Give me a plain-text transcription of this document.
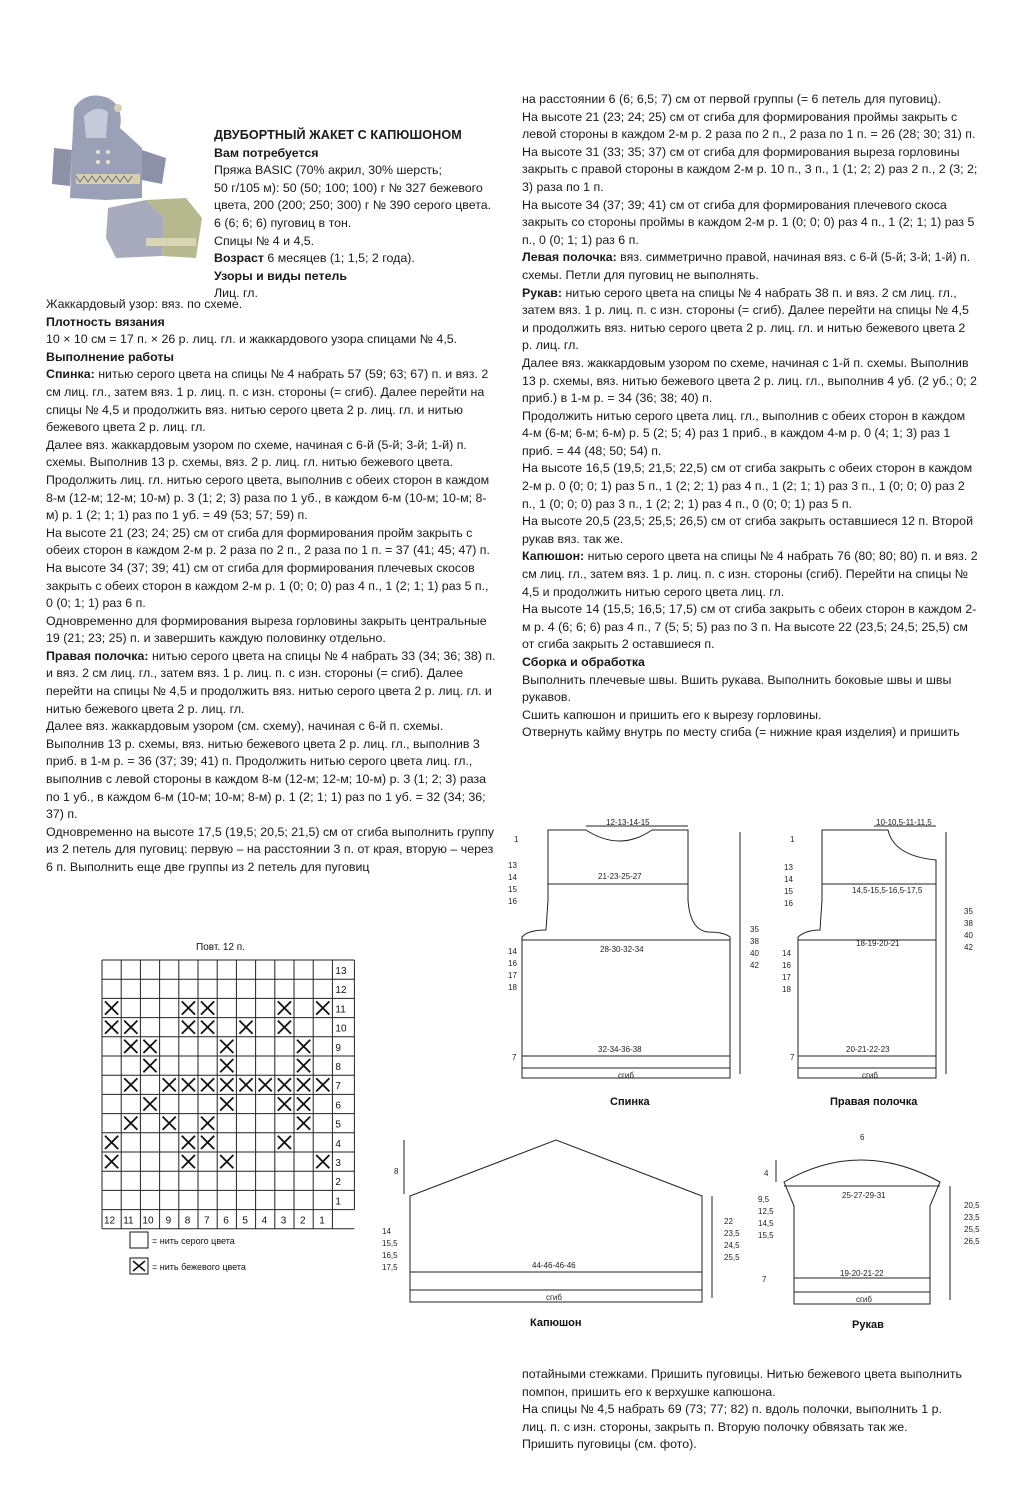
ДВУБОРТНЫЙ ЖАКЕТ С КАПЮШОНОМ

Вам потребуется

Пряжа BASIC (70% акрил, 30% шерсть;

50 г/105 м): 50 (50; 100; 100) г № 327 бежевого

цвета, 200 (200; 250; 300) г № 390 серого цвета.

6 (6; 6; 6) пуговиц в тон.

Спицы № 4 и 4,5.

Возраст 6 месяцев (1; 1,5; 2 года).

Узоры и виды петель

Лиц. гл.

Жаккардовый узор: вяз. по схеме.

Плотность вязания

10 × 10 см = 17 п. × 26 р. лиц. гл. и жаккардового узора спицами № 4,5.

Выполнение работы

Спинка: нитью серого цвета на спицы № 4 набрать 57 (59; 63; 67) п. и вяз. 2 см лиц. гл., затем вяз. 1 р. лиц. п. с изн. стороны (= сгиб). Далее перейти на спицы № 4,5 и продолжить вяз. нитью серого цвета 2 р. лиц. гл. и нитью бежевого цвета 2 р. лиц. гл.

Далее вяз. жаккардовым узором по схеме, начиная с 6-й (5-й; 3-й; 1-й) п. схемы. Выполнив 13 р. схемы, вяз. 2 р. лиц. гл. нитью бежевого цвета.

Продолжить лиц. гл. нитью серого цвета, выполнив с обеих сторон в каждом 8-м (12-м; 12-м; 10-м) р. 3 (1; 2; 3) раза по 1 уб., в каждом 6-м (10-м; 10-м; 8-м) р. 1 (2; 1; 1) раз по 1 уб. = 49 (53; 57; 59) п.

На высоте 21 (23; 24; 25) см от сгиба для формирования пройм закрыть с обеих сторон в каждом 2-м р. 2 раза по 2 п., 2 раза по 1 п. = 37 (41; 45; 47) п.

На высоте 34 (37; 39; 41) см от сгиба для формирования плечевых скосов закрыть с обеих сторон в каждом 2-м р. 1 (0; 0; 0) раз 4 п., 1 (2; 1; 1) раз 5 п., 0 (0; 1; 1) раз 6 п.

Одновременно для формирования выреза горловины закрыть центральные 19 (21; 23; 25) п. и завершить каждую половинку отдельно.

Правая полочка: нитью серого цвета на спицы № 4 набрать 33 (34; 36; 38) п. и вяз. 2 см лиц. гл., затем вяз. 1 р. лиц. п. с изн. стороны (= сгиб). Далее перейти на спицы № 4,5 и продолжить вяз. нитью серого цвета 2 р. лиц. гл. и нитью бежевого цвета 2 р. лиц. гл.

Далее вяз. жаккардовым узором (см. схему), начиная с 6-й п. схемы. Выполнив 13 р. схемы, вяз. нитью бежевого цвета 2 р. лиц. гл., выполнив 3 приб. в 1-м р. = 36 (37; 39; 41) п. Продолжить нитью серого цвета лиц. гл., выполнив с левой стороны в каждом 8-м (12-м; 12-м; 10-м) р. 3 (1; 2; 3) раза по 1 уб., в каждом 6-м (10-м; 10-м; 8-м) р. 1 (2; 1; 1) раз по 1 уб. = 32 (34; 36; 37) п.

Одновременно на высоте 17,5 (19,5; 20,5; 21,5) см от сгиба выполнить группу из 2 петель для пуговиц: первую – на расстоянии 3 п. от края, вторую – через 6 п. Выполнить еще две группы из 2 петель для пуговиц

на расстоянии 6 (6; 6,5; 7) см от первой группы (= 6 петель для пуговиц).

На высоте 21 (23; 24; 25) см от сгиба для формирования проймы закрыть с левой стороны в каждом 2-м р. 2 раза по 2 п., 2 раза по 1 п. = 26 (28; 30; 31) п.

На высоте 31 (33; 35; 37) см от сгиба для формирования выреза горловины закрыть с правой стороны в каждом 2-м р. 10 п., 3 п., 1 (1; 2; 2) раз 2 п., 2 (3; 2; 3) раза по 1 п.

На высоте 34 (37; 39; 41) см от сгиба для формирования плечевого скоса закрыть со стороны проймы в каждом 2-м р. 1 (0; 0; 0) раз 4 п., 1 (2; 1; 1) раз 5 п., 0 (0; 1; 1) раз 6 п.

Левая полочка: вяз. симметрично правой, начиная вяз. с 6-й (5-й; 3-й; 1-й) п. схемы. Петли для пуговиц не выполнять.

Рукав: нитью серого цвета на спицы № 4 набрать 38 п. и вяз. 2 см лиц. гл., затем вяз. 1 р. лиц. п. с изн. стороны (= сгиб). Далее перейти на спицы № 4,5 и продолжить вяз. нитью серого цвета 2 р. лиц. гл. и нитью бежевого цвета 2 р. лиц. гл.

Далее вяз. жаккардовым узором по схеме, начиная с 1-й п. схемы. Выполнив 13 р. схемы, вяз. нитью бежевого цвета 2 р. лиц. гл., выполнив 4 уб. (2 уб.; 0; 2 приб.) в 1-м р. = 34 (36; 38; 40) п.

Продолжить нитью серого цвета лиц. гл., выполнив с обеих сторон в каждом 4-м (6-м; 6-м; 6-м) р. 5 (2; 5; 4) раз 1 приб., в каждом 4-м р. 0 (4; 1; 3) раз 1 приб. = 44 (48; 50; 54) п.

На высоте 16,5 (19,5; 21,5; 22,5) см от сгиба закрыть с обеих сторон в каждом 2-м р. 0 (0; 0; 1) раз 5 п., 1 (2; 2; 1) раз 4 п., 1 (2; 1; 1) раз 3 п., 1 (0; 0; 0) раз 2 п., 1 (0; 0; 0) раз 3 п., 1 (2; 2; 1) раз 4 п., 0 (0; 0; 1) раз 5 п.

На высоте 20,5 (23,5; 25,5; 26,5) см от сгиба закрыть оставшиеся 12 п. Второй рукав вяз. так же.

Капюшон: нитью серого цвета на спицы № 4 набрать 76 (80; 80; 80) п. и вяз. 2 см лиц. гл., затем вяз. 1 р. лиц. п. с изн. стороны (сгиб). Перейти на спицы № 4,5 и продолжить нитью серого цвета лиц. гл.

На высоте 14 (15,5; 16,5; 17,5) см от сгиба закрыть с обеих сторон в каждом 2-м р. 4 (6; 6; 6) раз 4 п., 7 (5; 5; 5) раз по 3 п. На высоте 22 (23,5; 24,5; 25,5) см от сгиба закрыть 2 оставшиеся п.

Сборка и обработка

Выполнить плечевые швы. Вшить рукава. Выполнить боковые швы и швы рукавов.

Сшить капюшон и пришить его к вырезу горловины.

Отвернуть кайму внутрь по месту сгиба (= нижние края изделия) и пришить

потайными стежками. Пришить пуговицы. Нитью бежевого цвета выполнить помпон, пришить его к верхушке капюшона.

На спицы № 4,5 набрать 69 (73; 77; 82) п. вдоль полочки, выполнить 1 р. лиц. п. с изн. стороны, закрыть п. Вторую полочку обвязать так же.

Пришить пуговицы (см. фото).

Повт. 12 п.
13
12
11
10
9
8
7
6
5
4
3
2
1
12 11 10 9 8 7 6 5 4 3 2 1
= нить серого цвета
= нить бежевого цвета
12-13-14-15
21-23-25-27
28-30-32-34
32-34-36-38
сгиб
1
13
14
15
16
14
16
17
18
7
35
38
40
42
Спинка
10-10,5-11-11,5
14,5-15,5-16,5-17,5
18-19-20-21
20-21-22-23
сгиб
1
13
14
15
16
14
16
17
18
7
35
38
40
42
Правая полочка
44-46-46-46
сгиб
8
14
15,5
16,5
17,5
22
23,5
24,5
25,5
Капюшон
6
25-27-29-31
19-20-21-22
сгиб
4
9,5
12,5
14,5
15,5
7
20,5
23,5
25,5
26,5
Рукав
